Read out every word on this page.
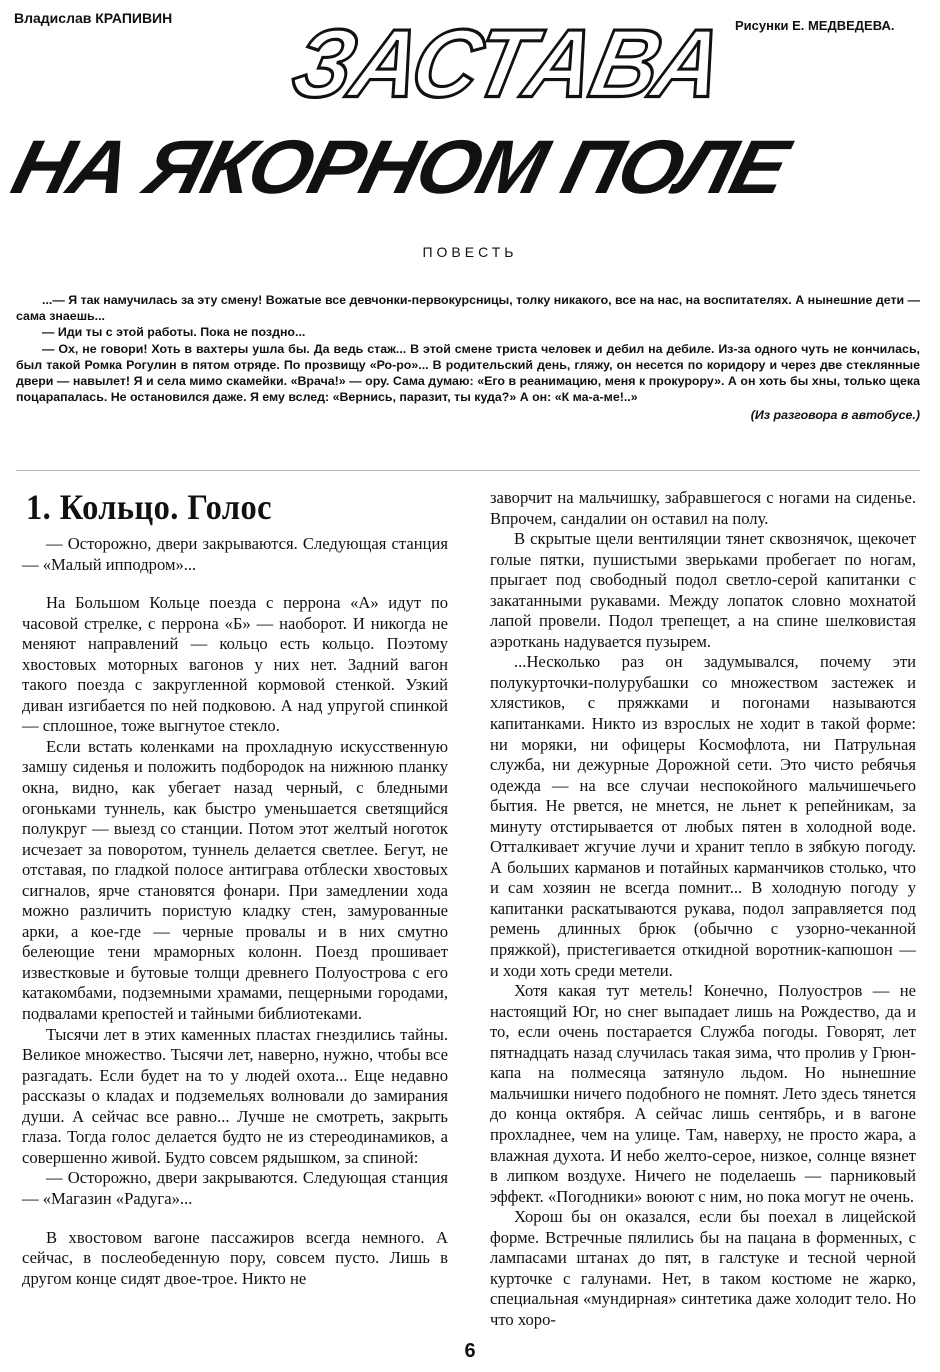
Владислав КРАПИВИН	Рисунки Е. МЕДВЕДЕВА.
ЗАСТАВА
НА ЯКОРНОМ ПОЛЕ
ПОВЕСТЬ

...— Я так намучилась за эту смену! Вожатые все девчонки-первокурсницы, толку никакого, все на нас, на воспитателях. А нынешние дети — сама знаешь...

— Иди ты с этой работы. Пока не поздно...

— Ох, не говори! Хоть в вахтеры ушла бы. Да ведь стаж... В этой смене триста человек и дебил на дебиле. Из-за одного чуть не кончилась, был такой Ромка Рогулин в пятом отряде. По прозвищу «Ро-ро»... В родительский день, гляжу, он несется по коридору и через две стеклянные двери — навылет! Я и села мимо скамейки. «Врача!» — ору. Сама думаю: «Его в реанимацию, меня к прокурору». А он хоть бы хны, только щека поцарапалась. Не остановился даже. Я ему вслед: «Вернись, паразит, ты куда?» А он: «К ма-а-ме!..»

(Из разговора в автобусе.)

1. Кольцо. Голос

— Осторожно, двери закрываются. Следующая станция — «Малый ипподром»...

На Большом Кольце поезда с перрона «А» идут по часовой стрелке, с перрона «Б» — наоборот. И никогда не меняют направлений — кольцо есть кольцо. Поэтому хвостовых моторных вагонов у них нет. Задний вагон такого поезда с закругленной кормовой стенкой. Узкий диван изгибается по ней подковою. А над упругой спинкой — сплошное, тоже выгнутое стекло.

Если встать коленками на прохладную искусственную замшу сиденья и положить подбородок на нижнюю планку окна, видно, как убегает назад черный, с бледными огоньками туннель, как быстро уменьшается светящийся полукруг — выезд со станции. Потом этот желтый ноготок исчезает за поворотом, туннель делается светлее. Бегут, не отставая, по гладкой полосе антиграва отблески хвостовых сигналов, ярче становятся фонари. При замедлении хода можно различить пористую кладку стен, замурованные арки, а кое-где — черные провалы и в них смутно белеющие тени мраморных колонн. Поезд прошивает известковые и бутовые толщи древнего Полуострова с его катакомбами, подземными храмами, пещерными городами, подвалами крепостей и тайными библиотеками.

Тысячи лет в этих каменных пластах гнездились тайны. Великое множество. Тысячи лет, наверно, нужно, чтобы все разгадать. Если будет на то у людей охота... Еще недавно рассказы о кладах и подземельях волновали до замирания души. А сейчас все равно... Лучше не смотреть, закрыть глаза. Тогда голос делается будто не из стереодинамиков, а совершенно живой. Будто совсем рядышком, за спиной:

— Осторожно, двери закрываются. Следующая станция — «Магазин «Радуга»...

В хвостовом вагоне пассажиров всегда немного. А сейчас, в послеобеденную пору, совсем пусто. Лишь в другом конце сидят двое-трое. Никто не

заворчит на мальчишку, забравшегося с ногами на сиденье. Впрочем, сандалии он оставил на полу.

В скрытые щели вентиляции тянет сквознячок, щекочет голые пятки, пушистыми зверьками пробегает по ногам, прыгает под свободный подол светло-серой капитанки с закатанными рукавами. Между лопаток словно мохнатой лапой провели. Подол трепещет, а на спине шелковистая аэроткань надувается пузырем.

...Несколько раз он задумывался, почему эти полукурточки-полурубашки со множеством застежек и хлястиков, с пряжками и погонами называются капитанками. Никто из взрослых не ходит в такой форме: ни моряки, ни офицеры Космофлота, ни Патрульная служба, ни дежурные Дорожной сети. Это чисто ребячья одежда — на все случаи неспокойного мальчишечьего бытия. Не рвется, не мнется, не льнет к репейникам, за минуту отстирывается от любых пятен в холодной воде. Отталкивает жгучие лучи и хранит тепло в зябкую погоду. А больших карманов и потайных карманчиков столько, что и сам хозяин не всегда помнит... В холодную погоду у капитанки раскатываются рукава, подол заправляется под ремень длинных брюк (обычно с узорно-чеканной пряжкой), пристегивается откидной воротник-капюшон — и ходи хоть среди метели.

Хотя какая тут метель! Конечно, Полуостров — не настоящий Юг, но снег выпадает лишь на Рождество, да и то, если очень постарается Служба погоды. Говорят, лет пятнадцать назад случилась такая зима, что пролив у Грюн-капа на полмесяца затянуло льдом. Но нынешние мальчишки ничего подобного не помнят. Лето здесь тянется до конца октября. А сейчас лишь сентябрь, и в вагоне прохладнее, чем на улице. Там, наверху, не просто жара, а влажная духота. И небо желто-серое, низкое, солнце вязнет в липком воздухе. Ничего не поделаешь — парниковый эффект. «Погодники» воюют с ним, но пока могут не очень.

Хорош бы он оказался, если бы поехал в лицейской форме. Встречные пялились бы на пацана в форменных, с лампасами штанах до пят, в галстуке и тесной черной курточке с галунами. Нет, в таком костюме не жарко, специальная «мундирная» синтетика даже холодит тело. Но что хоро-

6
